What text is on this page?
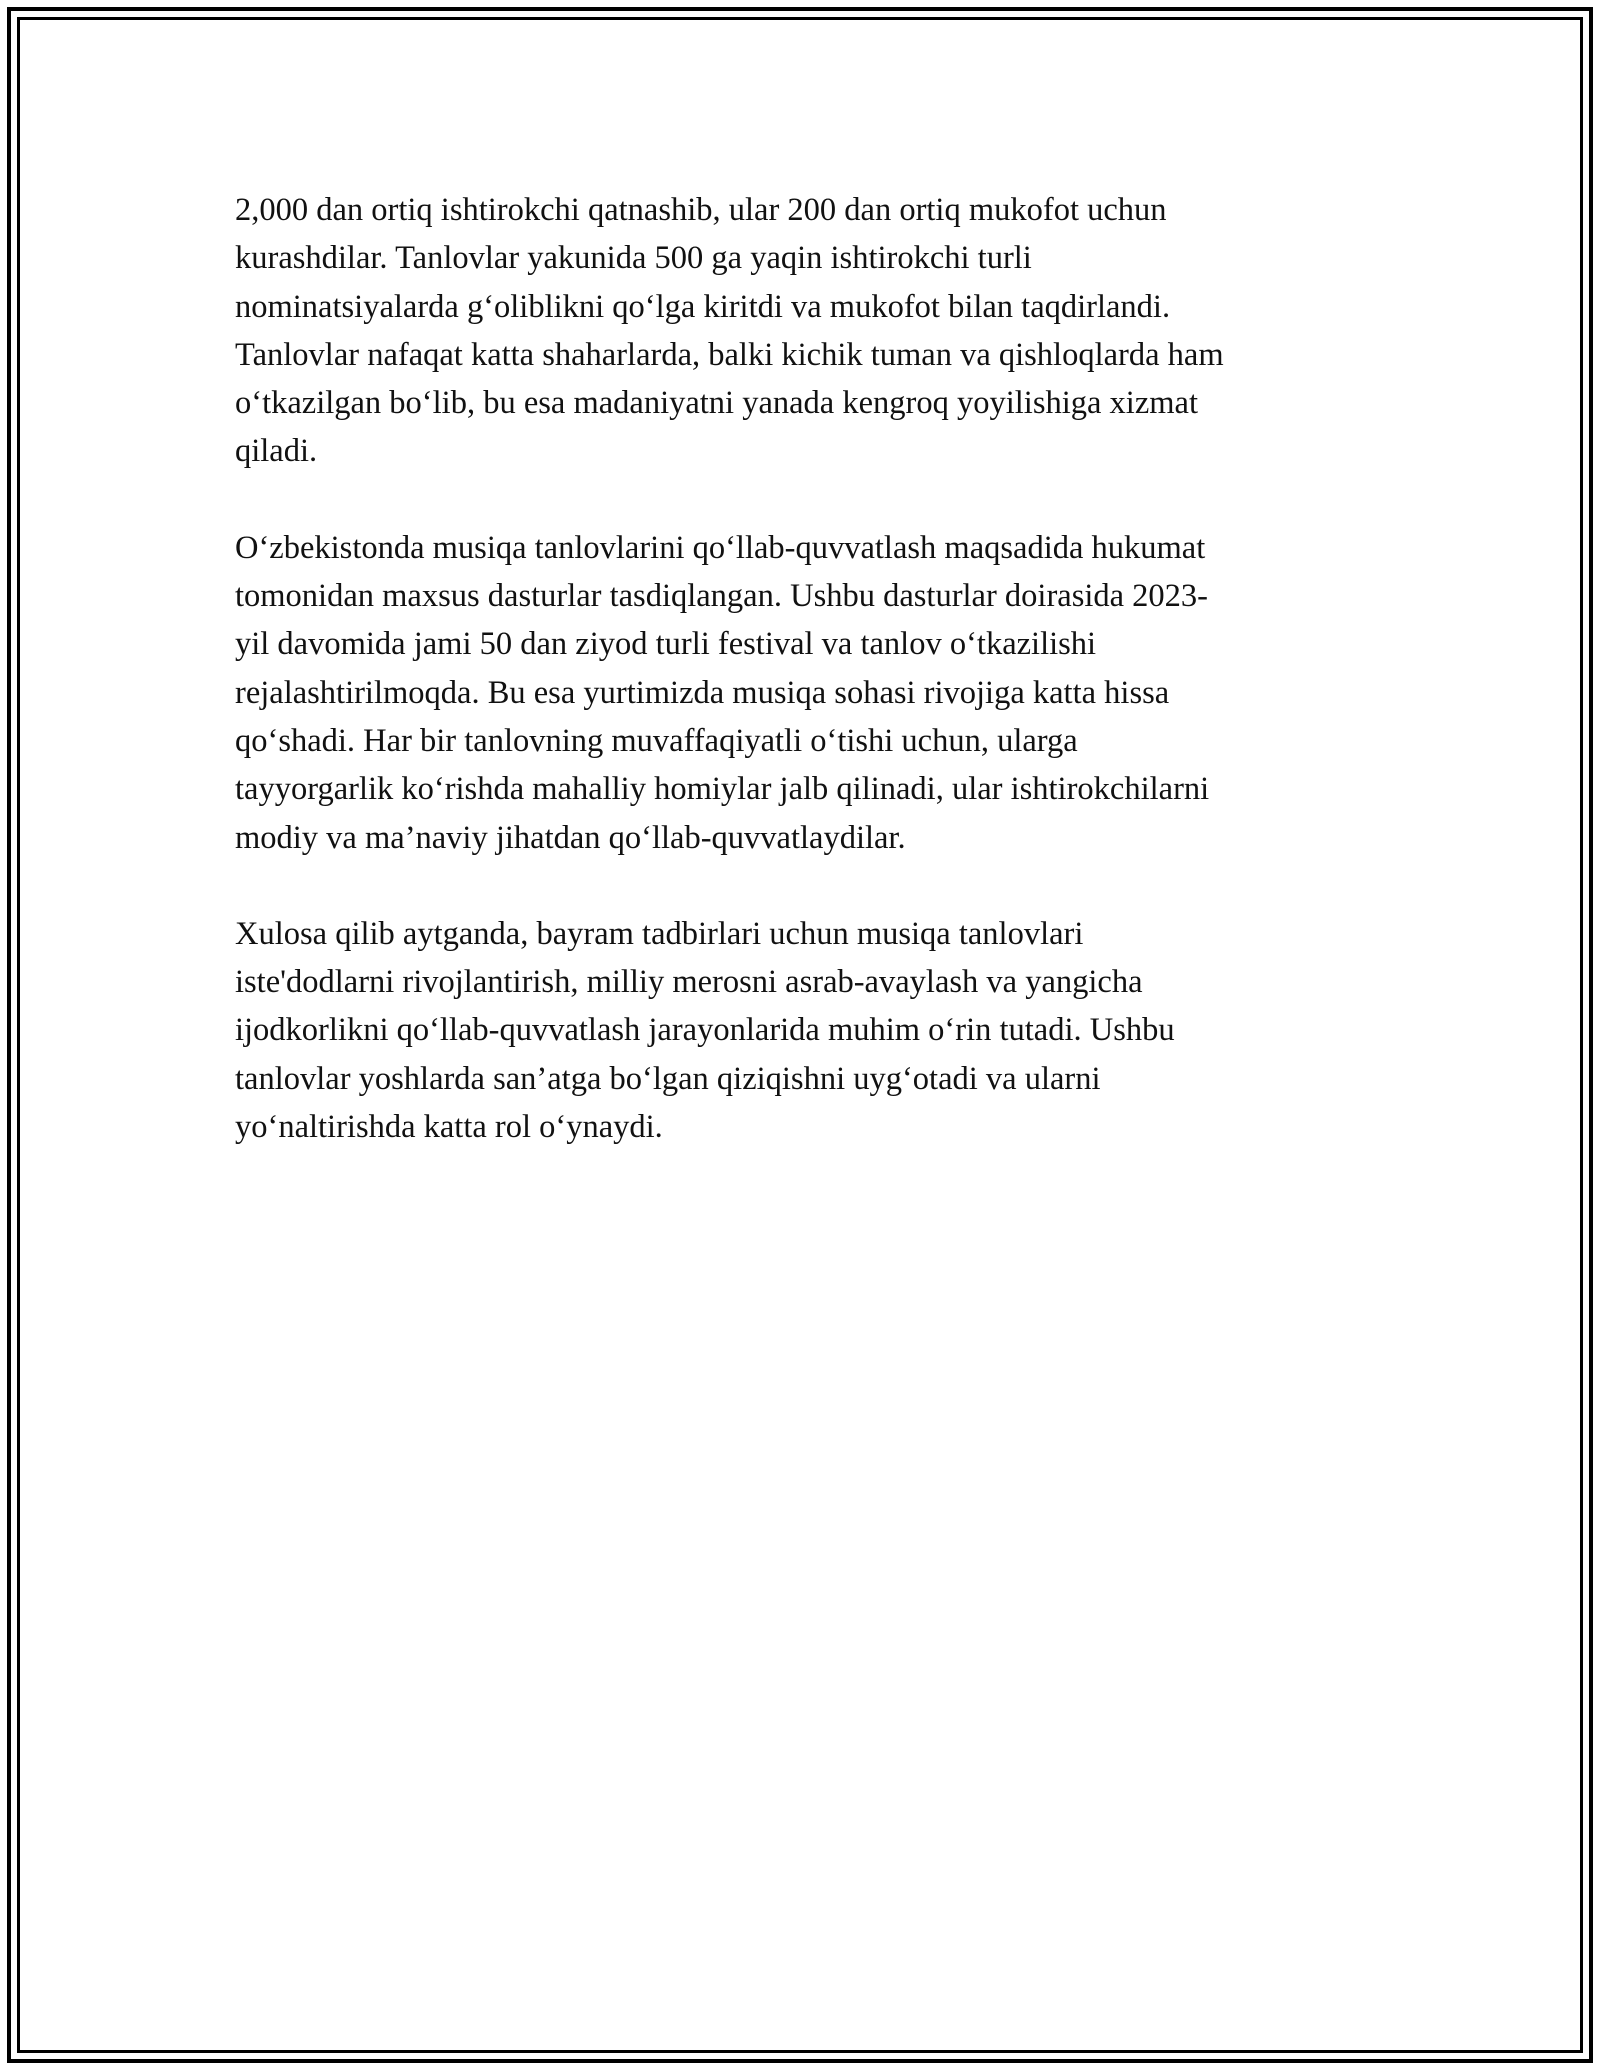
2,000 dan ortiq ishtirokchi qatnashib, ular 200 dan ortiq mukofot uchun
kurashdilar. Tanlovlar yakunida 500 ga yaqin ishtirokchi turli
nominatsiyalarda g‘oliblikni qo‘lga kiritdi va mukofot bilan taqdirlandi.
Tanlovlar nafaqat katta shaharlarda, balki kichik tuman va qishloqlarda ham
o‘tkazilgan bo‘lib, bu esa madaniyatni yanada kengroq yoyilishiga xizmat
qiladi.

O‘zbekistonda musiqa tanlovlarini qo‘llab-quvvatlash maqsadida hukumat
tomonidan maxsus dasturlar tasdiqlangan. Ushbu dasturlar doirasida 2023-
yil davomida jami 50 dan ziyod turli festival va tanlov o‘tkazilishi
rejalashtirilmoqda. Bu esa yurtimizda musiqa sohasi rivojiga katta hissa
qo‘shadi. Har bir tanlovning muvaffaqiyatli o‘tishi uchun, ularga
tayyorgarlik ko‘rishda mahalliy homiylar jalb qilinadi, ular ishtirokchilarni
modiy va ma’naviy jihatdan qo‘llab-quvvatlaydilar.

Xulosa qilib aytganda, bayram tadbirlari uchun musiqa tanlovlari
iste'dodlarni rivojlantirish, milliy merosni asrab-avaylash va yangicha
ijodkorlikni qo‘llab-quvvatlash jarayonlarida muhim o‘rin tutadi. Ushbu
tanlovlar yoshlarda san’atga bo‘lgan qiziqishni uyg‘otadi va ularni
yo‘naltirishda katta rol o‘ynaydi.
